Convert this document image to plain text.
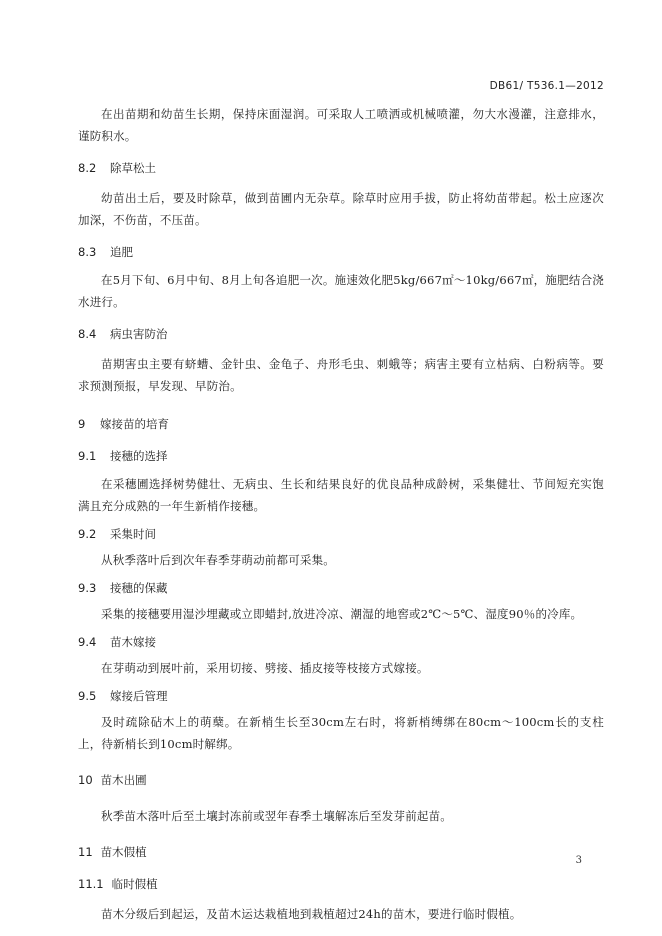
DB61/ T536.1—2012

在出苗期和幼苗生长期，保持床面湿润。可采取人工喷洒或机械喷灌，勿大水漫灌，注意排水，谨防积水。

8.2 除草松土

幼苗出土后，要及时除草，做到苗圃内无杂草。除草时应用手拔，防止将幼苗带起。松土应逐次加深，不伤苗，不压苗。

8.3 追肥

在5月下旬、6月中旬、8月上旬各追肥一次。施速效化肥5kg/667㎡～10kg/667㎡，施肥结合浇水进行。

8.4 病虫害防治

苗期害虫主要有蛴螬、金针虫、金龟子、舟形毛虫、刺蛾等；病害主要有立枯病、白粉病等。要求预测预报，早发现、早防治。

9 嫁接苗的培育
9.1 接穗的选择

在采穗圃选择树势健壮、无病虫、生长和结果良好的优良品种成龄树，采集健壮、节间短充实饱满且充分成熟的一年生新梢作接穗。

9.2 采集时间

从秋季落叶后到次年春季芽萌动前都可采集。

9.3 接穗的保藏

采集的接穗要用湿沙埋藏或立即蜡封,放进冷凉、潮湿的地窖或2℃～5℃、湿度90％的冷库。

9.4 苗木嫁接

在芽萌动到展叶前，采用切接、劈接、插皮接等枝接方式嫁接。

9.5 嫁接后管理

及时疏除砧木上的萌蘖。在新梢生长至30cm左右时，将新梢缚绑在80cm～100cm长的支柱上，待新梢长到10cm时解绑。

10 苗木出圃

秋季苗木落叶后至土壤封冻前或翌年春季土壤解冻后至发芽前起苗。

11 苗木假植
11.1 临时假植

苗木分级后到起运，及苗木运达栽植地到栽植超过24h的苗木，要进行临时假植。

3
